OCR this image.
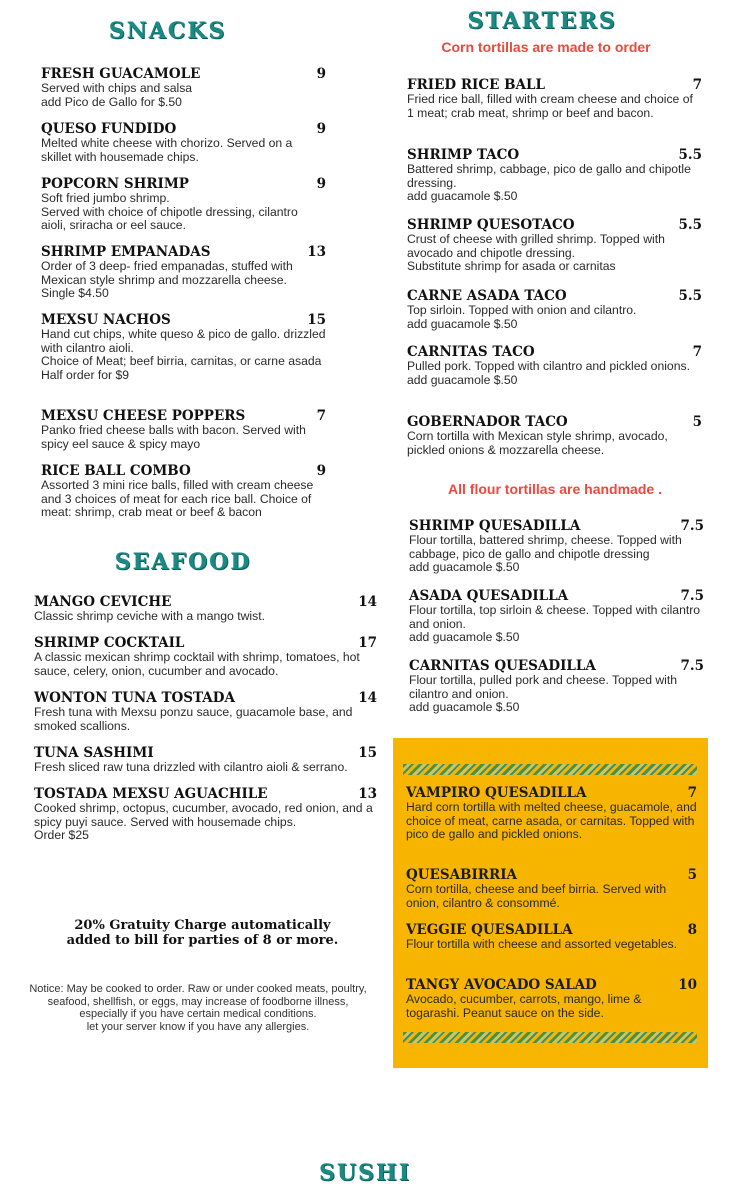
SNACKS
FRESH GUACAMOLE	9
Served with chips and salsa
add Pico de Gallo for $.50
QUESO FUNDIDO	9
Melted white cheese with chorizo. Served on a skillet with housemade chips.
POPCORN SHRIMP	9
Soft fried jumbo shrimp.
Served with choice of chipotle dressing, cilantro aioli, sriracha or eel sauce.
SHRIMP EMPANADAS	13
Order of 3 deep- fried empanadas, stuffed with Mexican style shrimp and mozzarella cheese.
Single $4.50
MEXSU NACHOS	15
Hand cut chips, white queso & pico de gallo. drizzled with cilantro aioli.
Choice of Meat; beef birria, carnitas, or carne asada
Half order for $9
MEXSU CHEESE POPPERS	7
Panko fried cheese balls with bacon. Served with spicy eel sauce & spicy mayo
RICE BALL COMBO	9
Assorted 3 mini rice balls, filled with cream cheese and 3 choices of meat for each rice ball. Choice of meat: shrimp, crab meat or beef & bacon
SEAFOOD
MANGO CEVICHE	14
Classic shrimp ceviche with a mango twist.
SHRIMP COCKTAIL	17
A classic mexican shrimp cocktail with shrimp, tomatoes, hot sauce, celery, onion, cucumber and avocado.
WONTON TUNA TOSTADA	14
Fresh tuna with Mexsu ponzu sauce, guacamole base, and smoked scallions.
TUNA SASHIMI	15
Fresh sliced raw tuna drizzled with cilantro aioli & serrano.
TOSTADA MEXSU AGUACHILE	13
Cooked shrimp, octopus, cucumber, avocado, red onion, and a spicy puyi sauce. Served with housemade chips.
Order $25
20% Gratuity Charge automatically
added to bill for parties of 8 or more.
Notice: May be cooked to order. Raw or under cooked meats, poultry, seafood, shellfish, or eggs, may increase of foodborne illness, especially if you have certain medical conditions.
let your server know if you have any allergies.
STARTERS

Corn tortillas are made to order

FRIED RICE BALL	7
Fried rice ball, filled with cream cheese and choice of 1 meat; crab meat, shrimp or beef and bacon.
SHRIMP TACO	5.5
Battered shrimp, cabbage, pico de gallo and chipotle dressing.
add guacamole $.50
SHRIMP QUESOTACO	5.5
Crust of cheese with grilled shrimp. Topped with avocado and chipotle dressing.
Substitute shrimp for asada or carnitas
CARNE ASADA TACO	5.5
Top sirloin. Topped with onion and cilantro.
add guacamole $.50
CARNITAS TACO	7
Pulled pork. Topped with cilantro and pickled onions.
add guacamole $.50
GOBERNADOR TACO	5
Corn tortilla with Mexican style shrimp, avocado, pickled onions & mozzarella cheese.

All flour tortillas are handmade .

SHRIMP QUESADILLA	7.5
Flour tortilla, battered shrimp, cheese. Topped with cabbage, pico de gallo and chipotle dressing
add guacamole $.50
ASADA QUESADILLA	7.5
Flour tortilla, top sirloin & cheese. Topped with cilantro and onion.
add guacamole $.50
CARNITAS QUESADILLA	7.5
Flour tortilla, pulled pork and cheese. Topped with cilantro and onion.
add guacamole $.50
VAMPIRO QUESADILLA	7
Hard corn tortilla with melted cheese, guacamole, and choice of meat, carne asada, or carnitas. Topped with pico de gallo and pickled onions.
QUESABIRRIA	5
Corn tortilla, cheese and beef birria. Served with onion, cilantro & consommé.
VEGGIE QUESADILLA	8
Flour tortilla with cheese and assorted vegetables.
TANGY AVOCADO SALAD	10
Avocado, cucumber, carrots, mango, lime & togarashi. Peanut sauce on the side.
SUSHI
